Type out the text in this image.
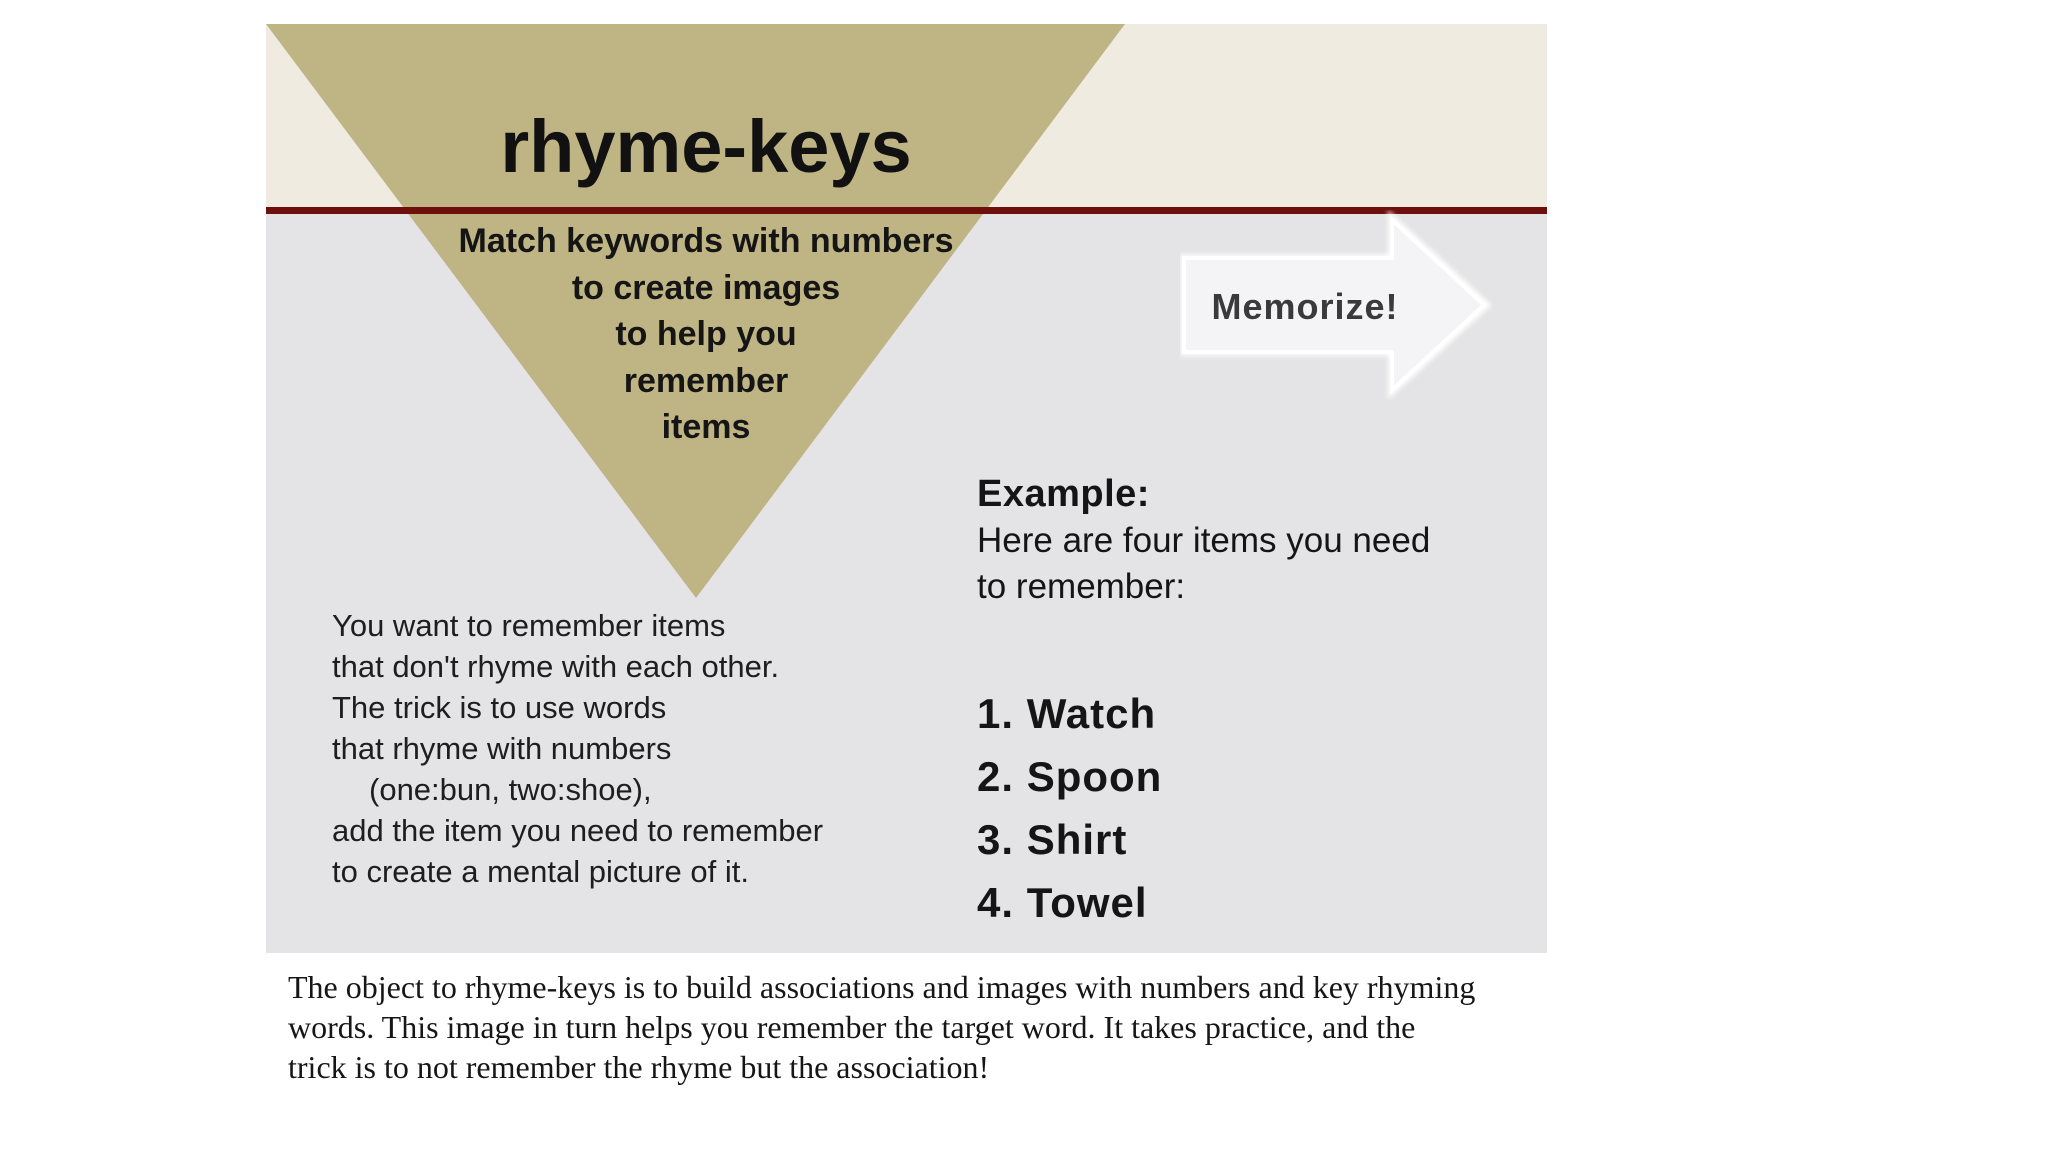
rhyme-keys
Match keywords with numbers
to create images
to help you
remember
items
Memorize!
You want to remember items
that don't rhyme with each other.
The trick is to use words
that rhyme with numbers
(one:bun, two:shoe),
add the item you need to remember
to create a mental picture of it.
Example:
Here are four items you need
to remember:
1. Watch
2. Spoon
3. Shirt
4. Towel
The object to rhyme-keys is to build associations and images with numbers and key rhyming
words. This image in turn helps you remember the target word. It takes practice, and the
trick is to not remember the rhyme but the association!
